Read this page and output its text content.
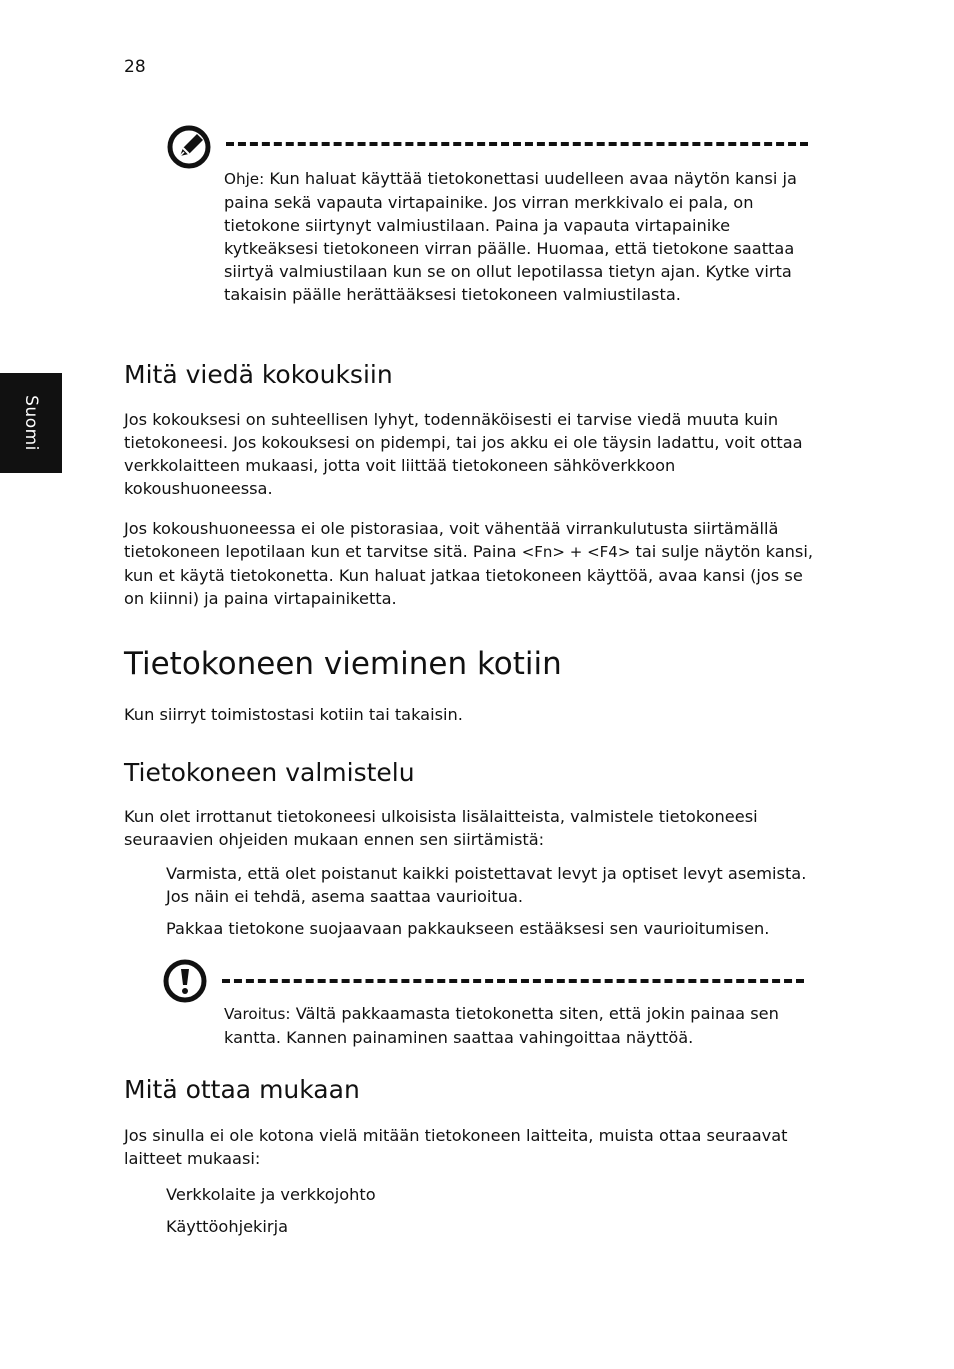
28
Suomi

Ohje: Kun haluat käyttää tietokonettasi uudelleen avaa näytön kansi ja paina sekä vapauta virtapainike. Jos virran merkkivalo ei pala, on tietokone siirtynyt valmiustilaan. Paina ja vapauta virtapainike kytkeäksesi tietokoneen virran päälle. Huomaa, että tietokone saattaa siirtyä valmiustilaan kun se on ollut lepotilassa tietyn ajan. Kytke virta takaisin päälle herättääksesi tietokoneen valmiustilasta.

Mitä viedä kokouksiin

Jos kokouksesi on suhteellisen lyhyt, todennäköisesti ei tarvise viedä muuta kuin tietokoneesi. Jos kokouksesi on pidempi, tai jos akku ei ole täysin ladattu, voit ottaa verkkolaitteen mukaasi, jotta voit liittää tietokoneen sähköverkkoon kokoushuoneessa.

Jos kokoushuoneessa ei ole pistorasiaa, voit vähentää virrankulutusta siirtämällä tietokoneen lepotilaan kun et tarvitse sitä. Paina <Fn> + <F4> tai sulje näytön kansi, kun et käytä tietokonetta. Kun haluat jatkaa tietokoneen käyttöä, avaa kansi (jos se on kiinni) ja paina virtapainiketta.

Tietokoneen vieminen kotiin

Kun siirryt toimistostasi kotiin tai takaisin.

Tietokoneen valmistelu

Kun olet irrottanut tietokoneesi ulkoisista lisälaitteista, valmistele tietokoneesi seuraavien ohjeiden mukaan ennen sen siirtämistä:

Varmista, että olet poistanut kaikki poistettavat levyt ja optiset levyt asemista. Jos näin ei tehdä, asema saattaa vaurioitua.

Pakkaa tietokone suojaavaan pakkaukseen estääksesi sen vaurioitumisen.

Varoitus: Vältä pakkaamasta tietokonetta siten, että jokin painaa sen kantta. Kannen painaminen saattaa vahingoittaa näyttöä.

Mitä ottaa mukaan

Jos sinulla ei ole kotona vielä mitään tietokoneen laitteita, muista ottaa seuraavat laitteet mukaasi:

Verkkolaite ja verkkojohto

Käyttöohjekirja
